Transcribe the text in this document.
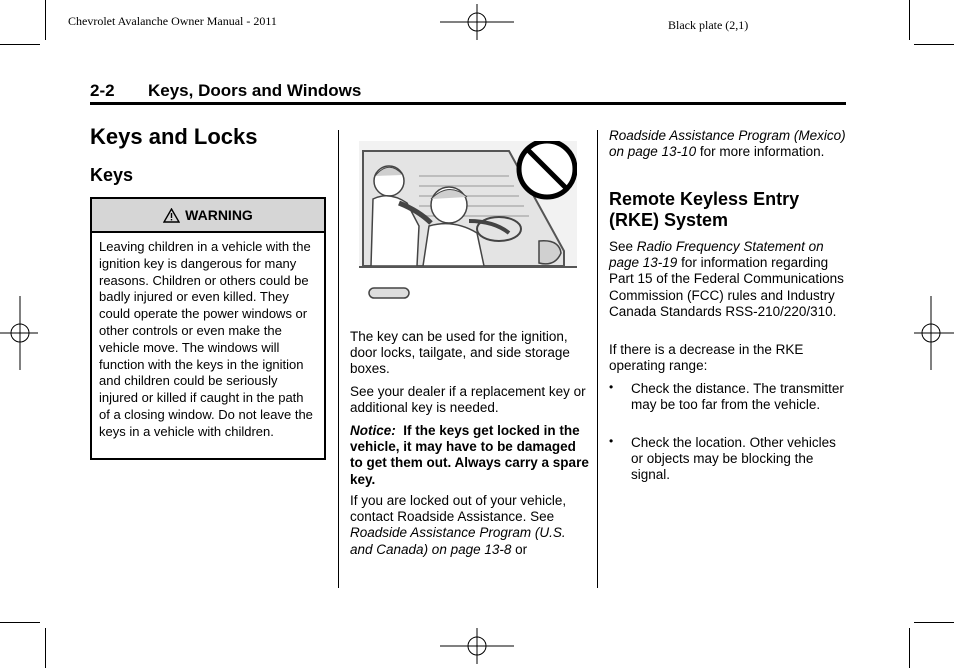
Chevrolet Avalanche Owner Manual - 2011	Black plate (2,1)
2-2 Keys, Doors and Windows
Keys and Locks
Keys
WARNING
Leaving children in a vehicle with the ignition key is dangerous for many reasons. Children or others could be badly injured or even killed. They could operate the power windows or other controls or even make the vehicle move. The windows will function with the keys in the ignition and children could be seriously injured or killed if caught in the path of a closing window. Do not leave the keys in a vehicle with children.

The key can be used for the ignition, door locks, tailgate, and side storage boxes.

See your dealer if a replacement key or additional key is needed.

Notice: If the keys get locked in the vehicle, it may have to be damaged to get them out. Always carry a spare key.

If you are locked out of your vehicle, contact Roadside Assistance. See Roadside Assistance Program (U.S. and Canada) on page 13-8 or

Roadside Assistance Program (Mexico) on page 13-10 for more information.

Remote Keyless Entry (RKE) System

See Radio Frequency Statement on page 13-19 for information regarding Part 15 of the Federal Communications Commission (FCC) rules and Industry Canada Standards RSS-210/220/310.

If there is a decrease in the RKE operating range:

• Check the distance. The transmitter may be too far from the vehicle.
• Check the location. Other vehicles or objects may be blocking the signal.
